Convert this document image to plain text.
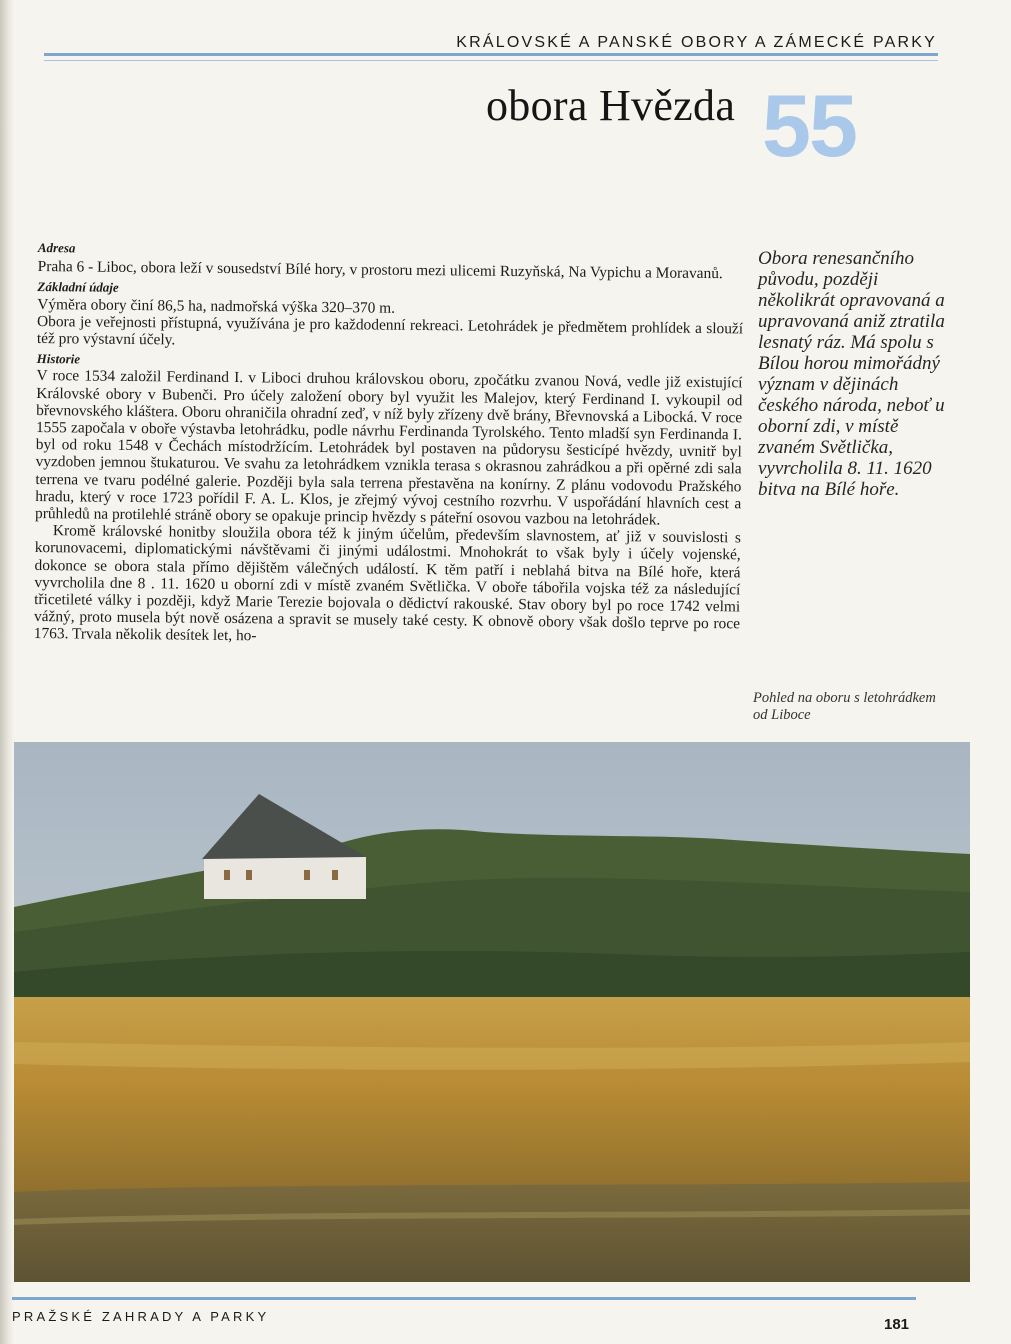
KRÁLOVSKÉ A PANSKÉ OBORY A ZÁMECKÉ PARKY
obora Hvězda 55
Adresa

Praha 6 - Liboc, obora leží v sousedství Bílé hory, v prostoru mezi ulicemi Ruzyňská, Na Vypichu a Moravanů.

Základní údaje

Výměra obory činí 86,5 ha, nadmořská výška 320–370 m.

Obora je veřejnosti přístupná, využívána je pro každodenní rekreaci. Letohrádek je předmětem prohlídek a slouží též pro výstavní účely.

Historie

V roce 1534 založil Ferdinand I. v Liboci druhou královskou oboru, zpočátku zvanou Nová, vedle již existující Královské obory v Bubenči. Pro účely založení obory byl využit les Malejov, který Ferdinand I. vykoupil od břevnovského kláštera. Oboru ohraničila ohradní zeď, v níž byly zřízeny dvě brány, Břevnovská a Libocká. V roce 1555 započala v oboře výstavba letohrádku, podle návrhu Ferdinanda Tyrolského. Tento mladší syn Ferdinanda I. byl od roku 1548 v Čechách místodržícím. Letohrádek byl postaven na půdorysu šesticípé hvězdy, uvnitř byl vyzdoben jemnou štukaturou. Ve svahu za letohrádkem vznikla terasa s okrasnou zahrádkou a při opěrné zdi sala terrena ve tvaru podélné galerie. Později byla sala terrena přestavěna na konírny. Z plánu vodovodu Pražského hradu, který v roce 1723 pořídil F. A. L. Klos, je zřejmý vývoj cestního rozvrhu. V uspořádání hlavních cest a průhledů na protilehlé stráně obory se opakuje princip hvězdy s páteřní osovou vazbou na letohrádek.

Kromě královské honitby sloužila obora též k jiným účelům, především slavnostem, ať již v souvislosti s korunovacemi, diplomatickými návštěvami či jinými událostmi. Mnohokrát to však byly i účely vojenské, dokonce se obora stala přímo dějištěm válečných událostí. K těm patří i neblahá bitva na Bílé hoře, která vyvrcholila dne 8 . 11. 1620 u oborní zdi v místě zvaném Světlička. V oboře tábořila vojska též za následující třicetileté války i později, když Marie Terezie bojovala o dědictví rakouské. Stav obory byl po roce 1742 velmi vážný, proto musela být nově osázena a spravit se musely také cesty. K obnově obory však došlo teprve po roce 1763. Trvala několik desítek let, ho-

Obora renesančního původu, později několikrát opravovaná a upravovaná aniž ztratila lesnatý ráz. Má spolu s Bílou horou mimořádný význam v dějinách českého národa, neboť u oborní zdi, v místě zvaném Světlička, vyvrcholila 8. 11. 1620 bitva na Bílé hoře.
Pohled na oboru s letohrádkem od Liboce
PRAŽSKÉ ZAHRADY A PARKY	181
